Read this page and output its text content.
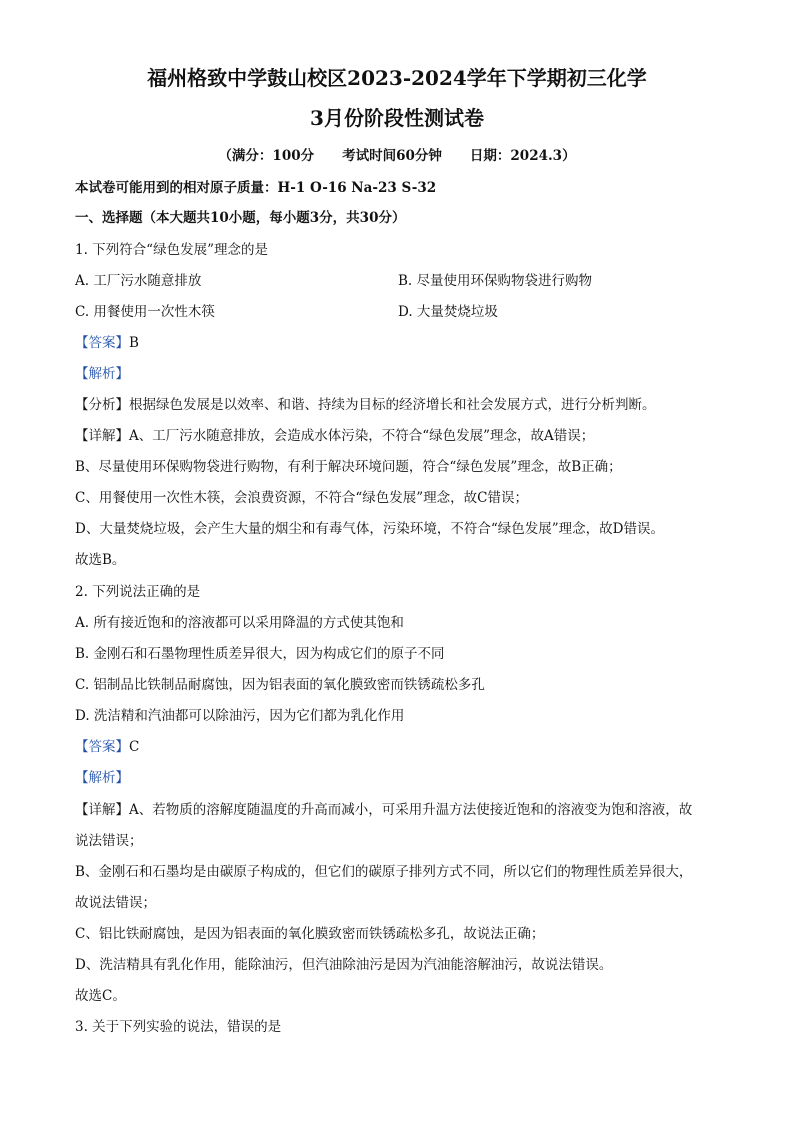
福州格致中学鼓山校区2023-2024学年下学期初三化学
3月份阶段性测试卷
（满分：100分 考试时间60分钟 日期：2024.3）
本试卷可能用到的相对原子质量：H-1 O-16 Na-23 S-32
一、选择题（本大题共10小题，每小题3分，共30分）
1. 下列符合“绿色发展”理念的是
A. 工厂污水随意排放	B. 尽量使用环保购物袋进行购物
C. 用餐使用一次性木筷	D. 大量焚烧垃圾
【答案】B
【解析】
【分析】根据绿色发展是以效率、和谐、持续为目标的经济增长和社会发展方式，进行分析判断。
【详解】A、工厂污水随意排放，会造成水体污染，不符合“绿色发展”理念，故A错误；
B、尽量使用环保购物袋进行购物，有利于解决环境问题，符合“绿色发展”理念，故B正确；
C、用餐使用一次性木筷，会浪费资源，不符合“绿色发展”理念，故C错误；
D、大量焚烧垃圾，会产生大量的烟尘和有毒气体，污染环境，不符合“绿色发展”理念，故D错误。
故选B。
2. 下列说法正确的是
A. 所有接近饱和的溶液都可以采用降温的方式使其饱和
B. 金刚石和石墨物理性质差异很大，因为构成它们的原子不同
C. 铝制品比铁制品耐腐蚀，因为铝表面的氧化膜致密而铁锈疏松多孔
D. 洗洁精和汽油都可以除油污，因为它们都为乳化作用
【答案】C
【解析】
【详解】A、若物质的溶解度随温度的升高而减小，可采用升温方法使接近饱和的溶液变为饱和溶液，故
说法错误；
B、金刚石和石墨均是由碳原子构成的，但它们的碳原子排列方式不同，所以它们的物理性质差异很大，
故说法错误；
C、铝比铁耐腐蚀，是因为铝表面的氧化膜致密而铁锈疏松多孔，故说法正确；
D、洗洁精具有乳化作用，能除油污，但汽油除油污是因为汽油能溶解油污，故说法错误。
故选C。
3. 关于下列实验的说法，错误的是
